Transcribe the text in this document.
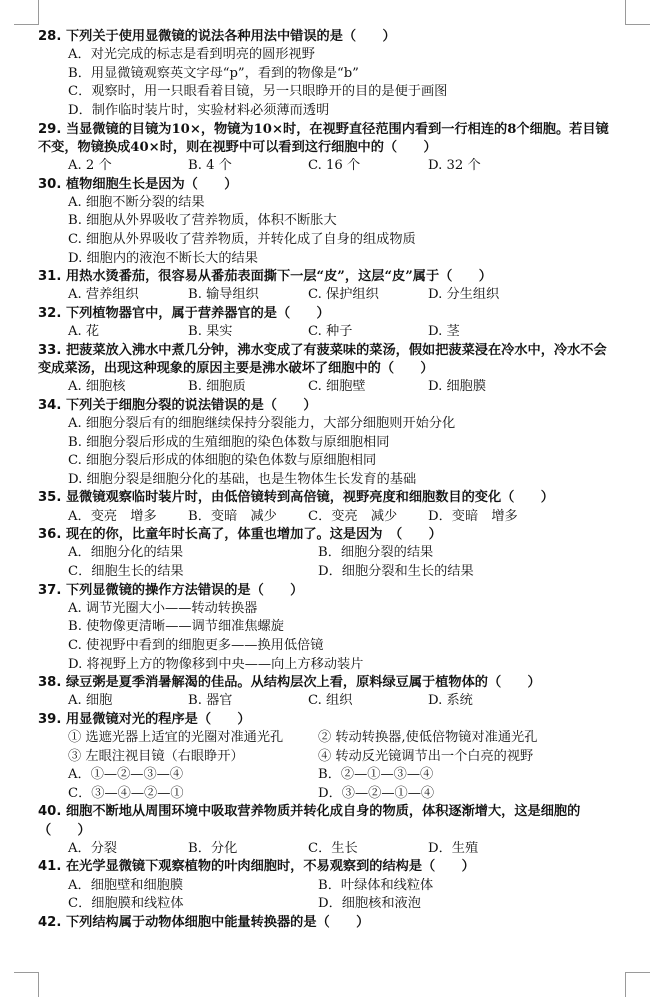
28. 下列关于使用显微镜的说法各种用法中错误的是（　　）
A．对光完成的标志是看到明亮的圆形视野
B．用显微镜观察英文字母“p”，看到的物像是“b”
C．观察时，用一只眼看着目镜，另一只眼睁开的目的是便于画图
D．制作临时装片时，实验材料必须薄而透明
29. 当显微镜的目镜为10×，物镜为10×时，在视野直径范围内看到一行相连的8个细胞。若目镜不变，物镜换成40×时，则在视野中可以看到这行细胞中的（　　）
A. 2 个	B. 4 个	C. 16 个	D. 32 个
30. 植物细胞生长是因为（　　）
A. 细胞不断分裂的结果
B. 细胞从外界吸收了营养物质，体积不断胀大
C. 细胞从外界吸收了营养物质，并转化成了自身的组成物质
D. 细胞内的液泡不断长大的结果
31. 用热水烫番茄，很容易从番茄表面撕下一层“皮”，这层“皮”属于（　　）
A. 营养组织	B. 输导组织	C. 保护组织	D. 分生组织
32. 下列植物器官中，属于营养器官的是（　　）
A. 花	B. 果实	C. 种子	D. 茎
33. 把菠菜放入沸水中煮几分钟，沸水变成了有菠菜味的菜汤，假如把菠菜浸在冷水中，冷水不会变成菜汤，出现这种现象的原因主要是沸水破坏了细胞中的（　　）
A. 细胞核	B. 细胞质	C. 细胞壁	D. 细胞膜
34. 下列关于细胞分裂的说法错误的是（　　）
A. 细胞分裂后有的细胞继续保持分裂能力，大部分细胞则开始分化
B. 细胞分裂后形成的生殖细胞的染色体数与原细胞相同
C. 细胞分裂后形成的体细胞的染色体数与原细胞相同
D. 细胞分裂是细胞分化的基础，也是生物体生长发育的基础
35. 显微镜观察临时装片时，由低倍镜转到高倍镜，视野亮度和细胞数目的变化（　　）
A．变亮　增多	B．变暗　减少	C．变亮　减少	D．变暗　增多
36. 现在的你，比童年时长高了，体重也增加了。这是因为　（　　）
A．细胞分化的结果	B．细胞分裂的结果
C．细胞生长的结果	D．细胞分裂和生长的结果
37. 下列显微镜的操作方法错误的是（　　）
A. 调节光圈大小——转动转换器
B. 使物像更清晰——调节细准焦螺旋
C. 使视野中看到的细胞更多——换用低倍镜
D. 将视野上方的物像移到中央——向上方移动装片
38. 绿豆粥是夏季消暑解渴的佳品。从结构层次上看，原料绿豆属于植物体的（　　）
A. 细胞	B. 器官	C. 组织	D. 系统
39. 用显微镜对光的程序是（　　）
① 选遮光器上适宜的光圈对准通光孔	② 转动转换器,使低倍物镜对准通光孔
③ 左眼注视目镜（右眼睁开）	④ 转动反光镜调节出一个白亮的视野
A．①—②—③—④	B．②—①—③—④
C．③—④—②—①	D．③—②—①—④
40. 细胞不断地从周围环境中吸取营养物质并转化成自身的物质，体积逐渐增大，这是细胞的（　　）
A．分裂	B．分化	C．生长	D．生殖
41. 在光学显微镜下观察植物的叶肉细胞时，不易观察到的结构是（　　）
A．细胞壁和细胞膜	B．叶绿体和线粒体
C．细胞膜和线粒体	D．细胞核和液泡
42. 下列结构属于动物体细胞中能量转换器的是（　　）
